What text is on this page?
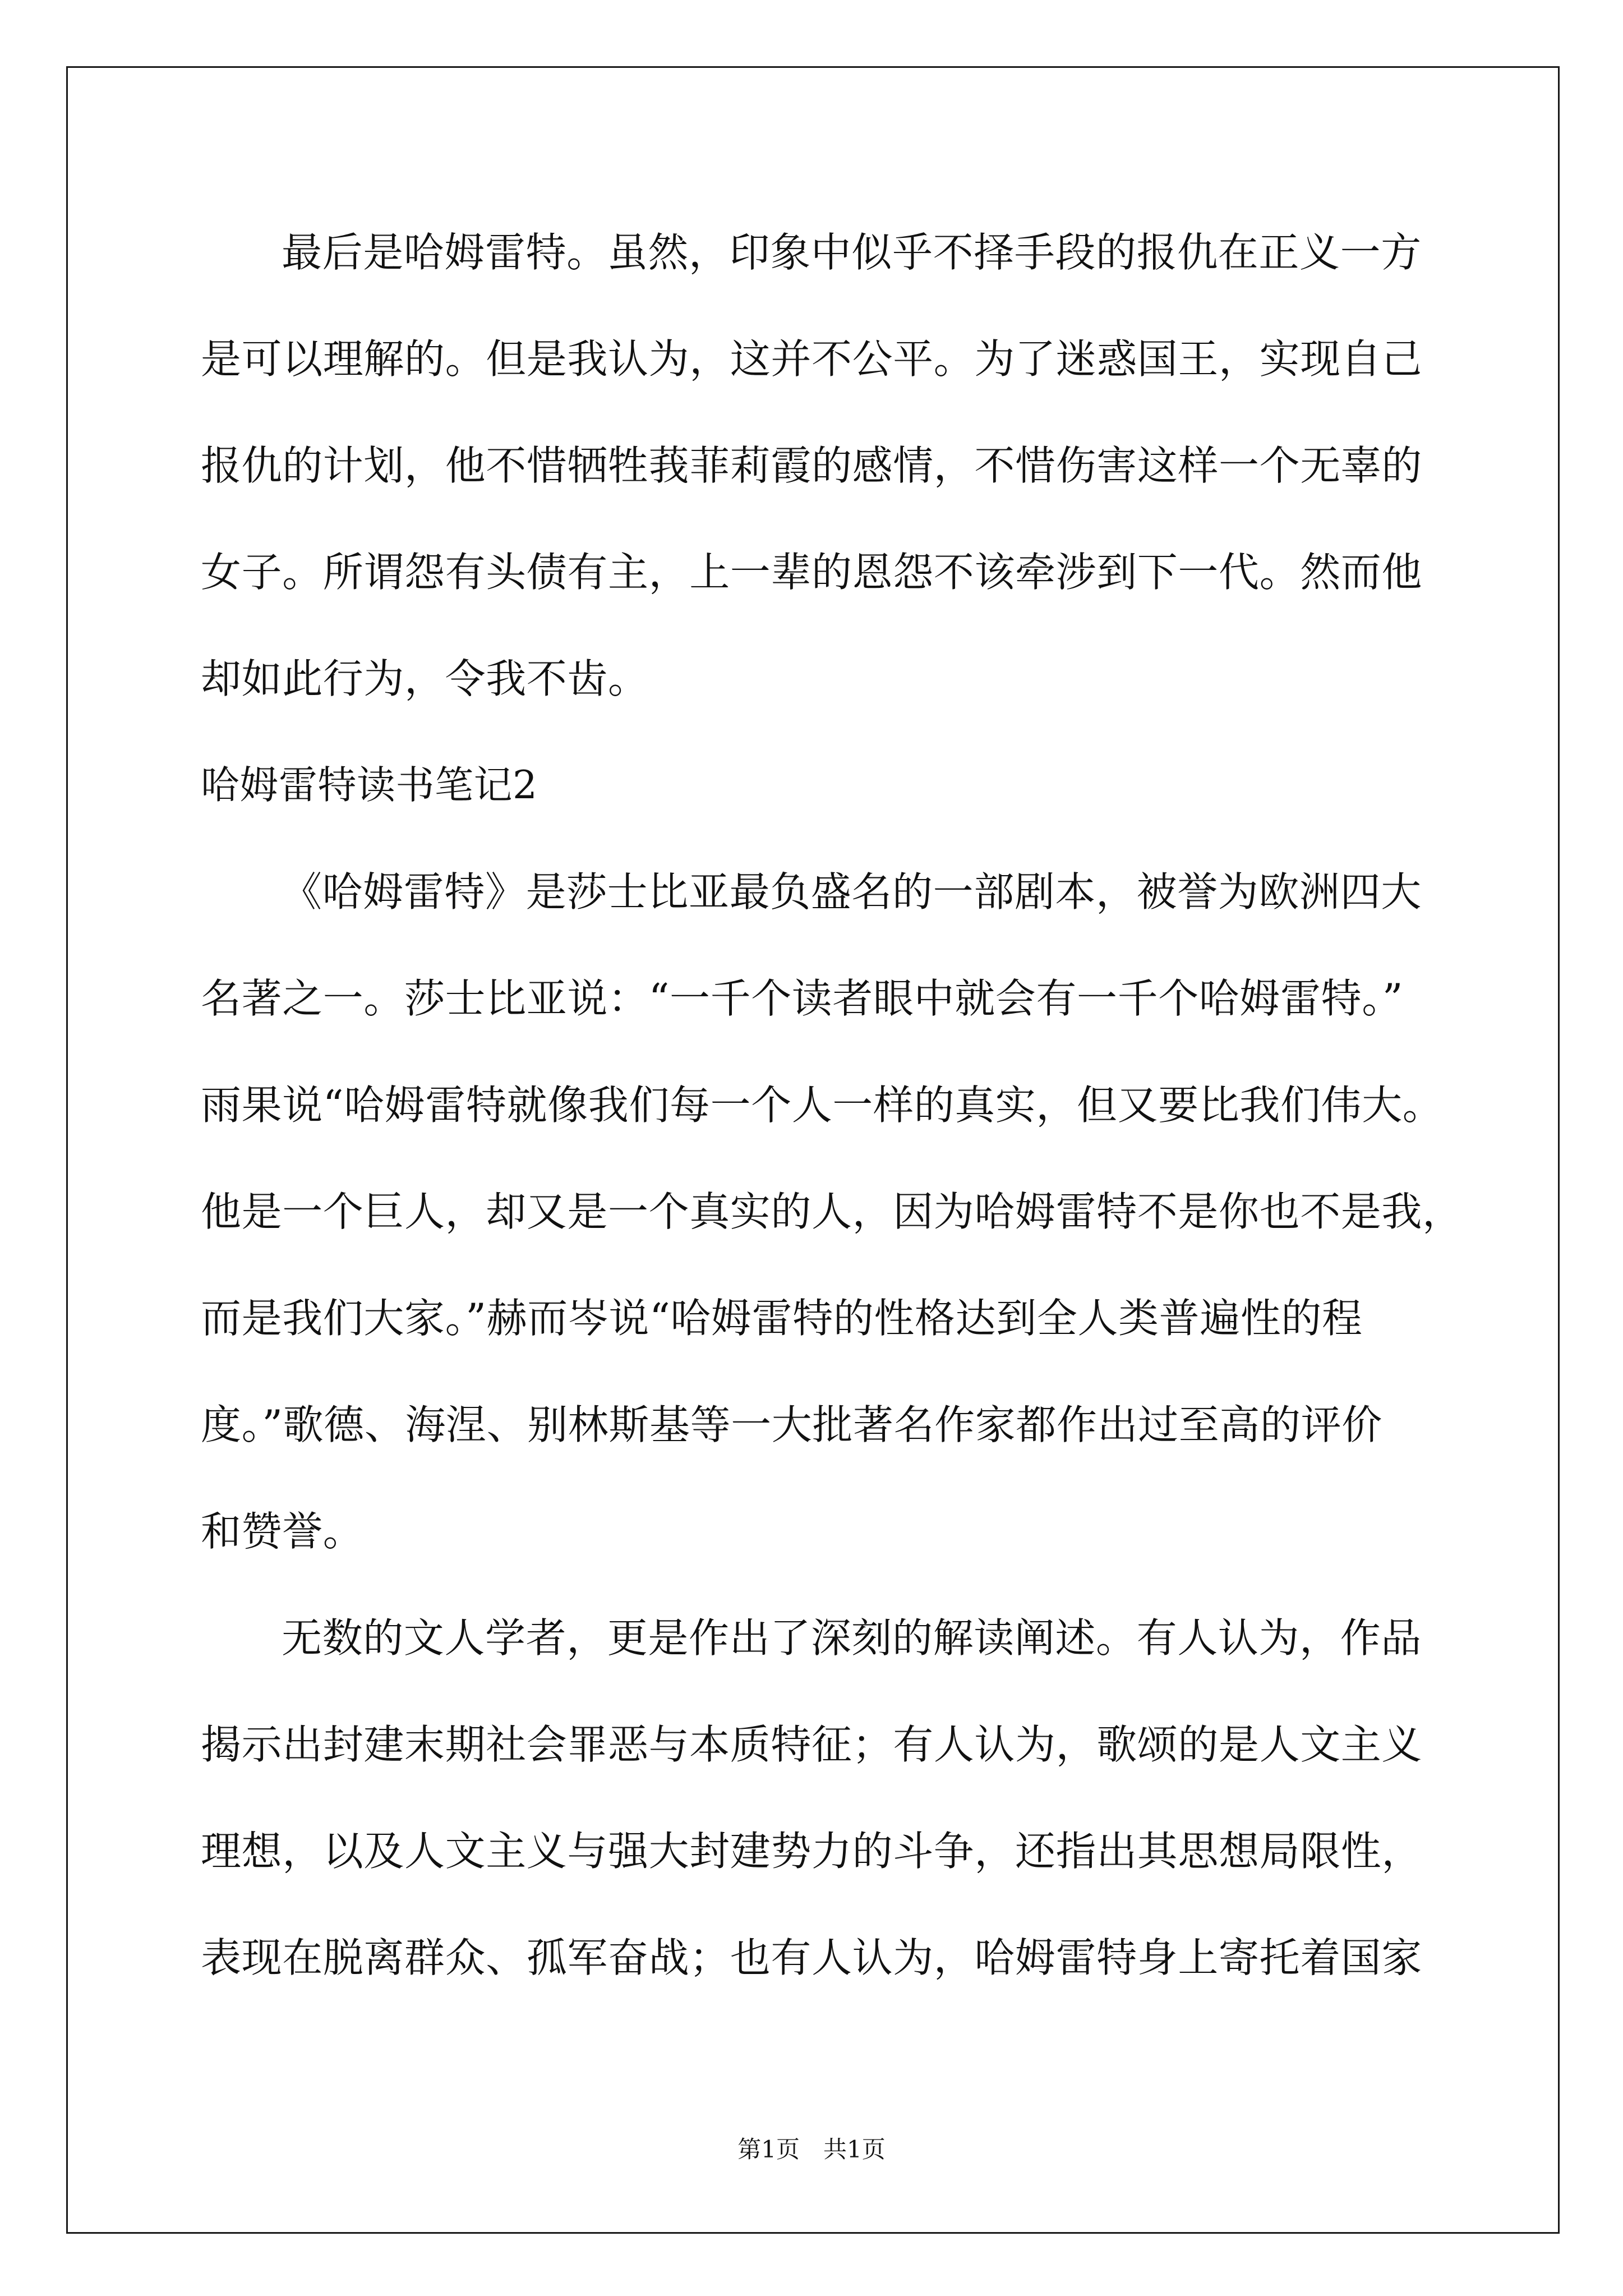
最后是哈姆雷特。虽然，印象中似乎不择手段的报仇在正义一方
是可以理解的。但是我认为，这并不公平。为了迷惑国王，实现自己
报仇的计划，他不惜牺牲莪菲莉霞的感情，不惜伤害这样一个无辜的
女子。所谓怨有头债有主，上一辈的恩怨不该牵涉到下一代。然而他
却如此行为，令我不齿。
哈姆雷特读书笔记2
《哈姆雷特》是莎士比亚最负盛名的一部剧本，被誉为欧洲四大
名著之一。莎士比亚说：“一千个读者眼中就会有一千个哈姆雷特。”
雨果说“哈姆雷特就像我们每一个人一样的真实，但又要比我们伟大。
他是一个巨人，却又是一个真实的人，因为哈姆雷特不是你也不是我，
而是我们大家。”赫而岑说“哈姆雷特的性格达到全人类普遍性的程
度。”歌德、海涅、别林斯基等一大批著名作家都作出过至高的评价
和赞誉。
无数的文人学者，更是作出了深刻的解读阐述。有人认为，作品
揭示出封建末期社会罪恶与本质特征；有人认为，歌颂的是人文主义
理想，以及人文主义与强大封建势力的斗争，还指出其思想局限性，
表现在脱离群众、孤军奋战；也有人认为，哈姆雷特身上寄托着国家
第1页 共1页
